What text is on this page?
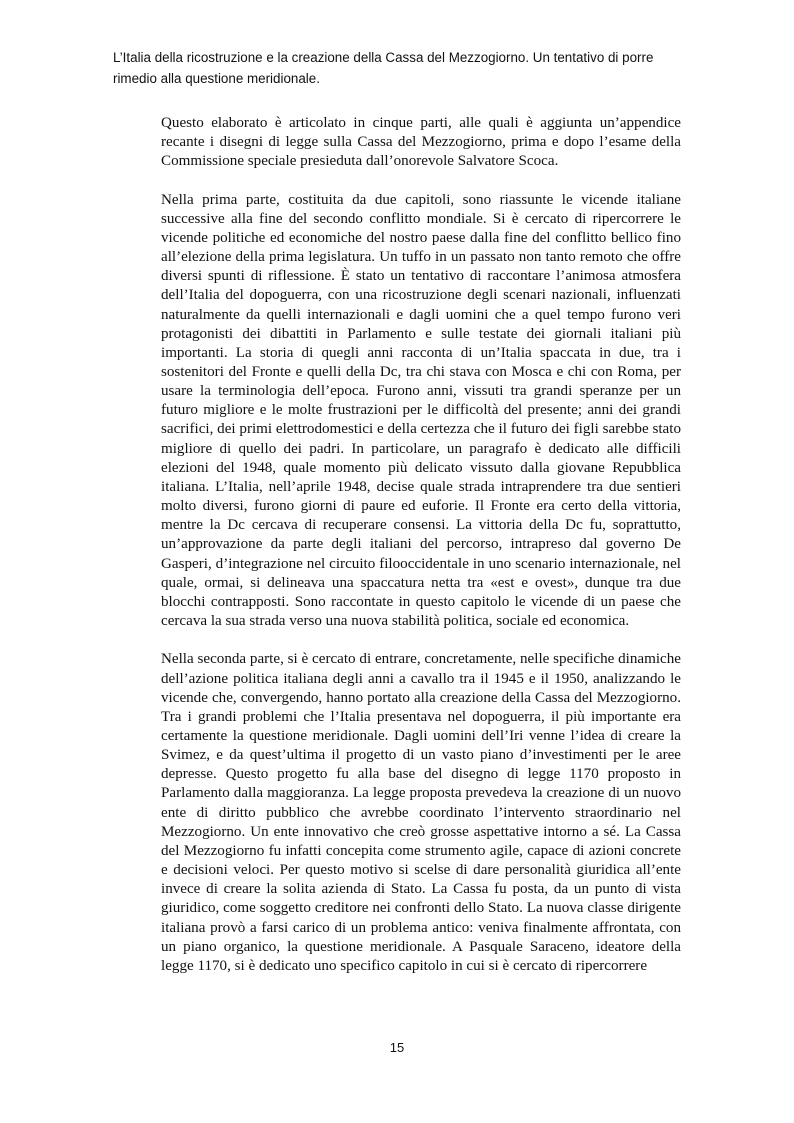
L’Italia della ricostruzione e la creazione della Cassa del Mezzogiorno. Un tentativo di porre
rimedio alla questione meridionale.

Questo elaborato è articolato in cinque parti, alle quali è aggiunta un’appendice recante i disegni di legge sulla Cassa del Mezzogiorno, prima e dopo l’esame della Commissione speciale presieduta dall’onorevole Salvatore Scoca.

Nella prima parte, costituita da due capitoli, sono riassunte le vicende italiane successive alla fine del secondo conflitto mondiale. Si è cercato di ripercorrere le vicende politiche ed economiche del nostro paese dalla fine del conflitto bellico fino all’elezione della prima legislatura. Un tuffo in un passato non tanto remoto che offre diversi spunti di riflessione. È stato un tentativo di raccontare l’animosa atmosfera dell’Italia del dopoguerra, con una ricostruzione degli scenari nazionali, influenzati naturalmente da quelli internazionali e dagli uomini che a quel tempo furono veri protagonisti dei dibattiti in Parlamento e sulle testate dei giornali italiani più importanti. La storia di quegli anni racconta di un’Italia spaccata in due, tra i sostenitori del Fronte e quelli della Dc, tra chi stava con Mosca e chi con Roma, per usare la terminologia dell’epoca. Furono anni, vissuti tra grandi speranze per un futuro migliore e le molte frustrazioni per le difficoltà del presente; anni dei grandi sacrifici, dei primi elettrodomestici e della certezza che il futuro dei figli sarebbe stato migliore di quello dei padri. In particolare, un paragrafo è dedicato alle difficili elezioni del 1948, quale momento più delicato vissuto dalla giovane Repubblica italiana. L’Italia, nell’aprile 1948, decise quale strada intraprendere tra due sentieri molto diversi, furono giorni di paure ed euforie. Il Fronte era certo della vittoria, mentre la Dc cercava di recuperare consensi. La vittoria della Dc fu, soprattutto, un’approvazione da parte degli italiani del percorso, intrapreso dal governo De Gasperi, d’integrazione nel circuito filooccidentale in uno scenario internazionale, nel quale, ormai, si delineava una spaccatura netta tra «est e ovest», dunque tra due blocchi contrapposti. Sono raccontate in questo capitolo le vicende di un paese che cercava la sua strada verso una nuova stabilità politica, sociale ed economica.

Nella seconda parte, si è cercato di entrare, concretamente, nelle specifiche dinamiche dell’azione politica italiana degli anni a cavallo tra il 1945 e il 1950, analizzando le vicende che, convergendo, hanno portato alla creazione della Cassa del Mezzogiorno. Tra i grandi problemi che l’Italia presentava nel dopoguerra, il più importante era certamente la questione meridionale. Dagli uomini dell’Iri venne l’idea di creare la Svimez, e da quest’ultima il progetto di un vasto piano d’investimenti per le aree depresse. Questo progetto fu alla base del disegno di legge 1170 proposto in Parlamento dalla maggioranza. La legge proposta prevedeva la creazione di un nuovo ente di diritto pubblico che avrebbe coordinato l’intervento straordinario nel Mezzogiorno. Un ente innovativo che creò grosse aspettative intorno a sé. La Cassa del Mezzogiorno fu infatti concepita come strumento agile, capace di azioni concrete e decisioni veloci. Per questo motivo si scelse di dare personalità giuridica all’ente invece di creare la solita azienda di Stato. La Cassa fu posta, da un punto di vista giuridico, come soggetto creditore nei confronti dello Stato. La nuova classe dirigente italiana provò a farsi carico di un problema antico: veniva finalmente affrontata, con un piano organico, la questione meridionale. A Pasquale Saraceno, ideatore della legge 1170, si è dedicato uno specifico capitolo in cui si è cercato di ripercorrere

15
